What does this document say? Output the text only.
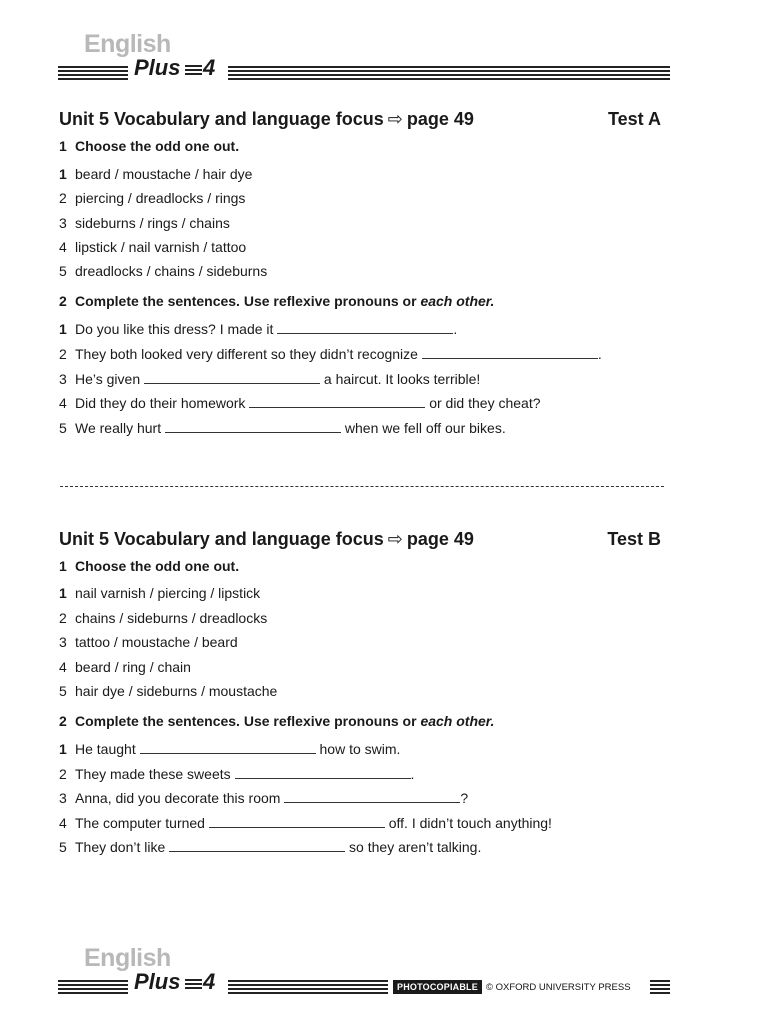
English
Plus 4
Unit 5 Vocabulary and language focus ⇨ page 49	Test A
1 Choose the odd one out.
1 beard / moustache / hair dye
2 piercing / dreadlocks / rings
3 sideburns / rings / chains
4 lipstick / nail varnish / tattoo
5 dreadlocks / chains / sideburns
2 Complete the sentences. Use reflexive pronouns or each other.
1 Do you like this dress? I made it	.
2 They both looked very different so they didn’t recognize	.
3 He’s given	a haircut. It looks terrible!
4 Did they do their homework	or did they cheat?
5 We really hurt	when we fell off our bikes.
Unit 5 Vocabulary and language focus ⇨ page 49	Test B
1 Choose the odd one out.
1 nail varnish / piercing / lipstick
2 chains / sideburns / dreadlocks
3 tattoo / moustache / beard
4 beard / ring / chain
5 hair dye / sideburns / moustache
2 Complete the sentences. Use reflexive pronouns or each other.
1 He taught	how to swim.
2 They made these sweets	.
3 Anna, did you decorate this room	?
4 The computer turned	off. I didn’t touch anything!
5 They don’t like	so they aren’t talking.
English
Plus 4	PHOTOCOPIABLE © OXFORD UNIVERSITY PRESS
